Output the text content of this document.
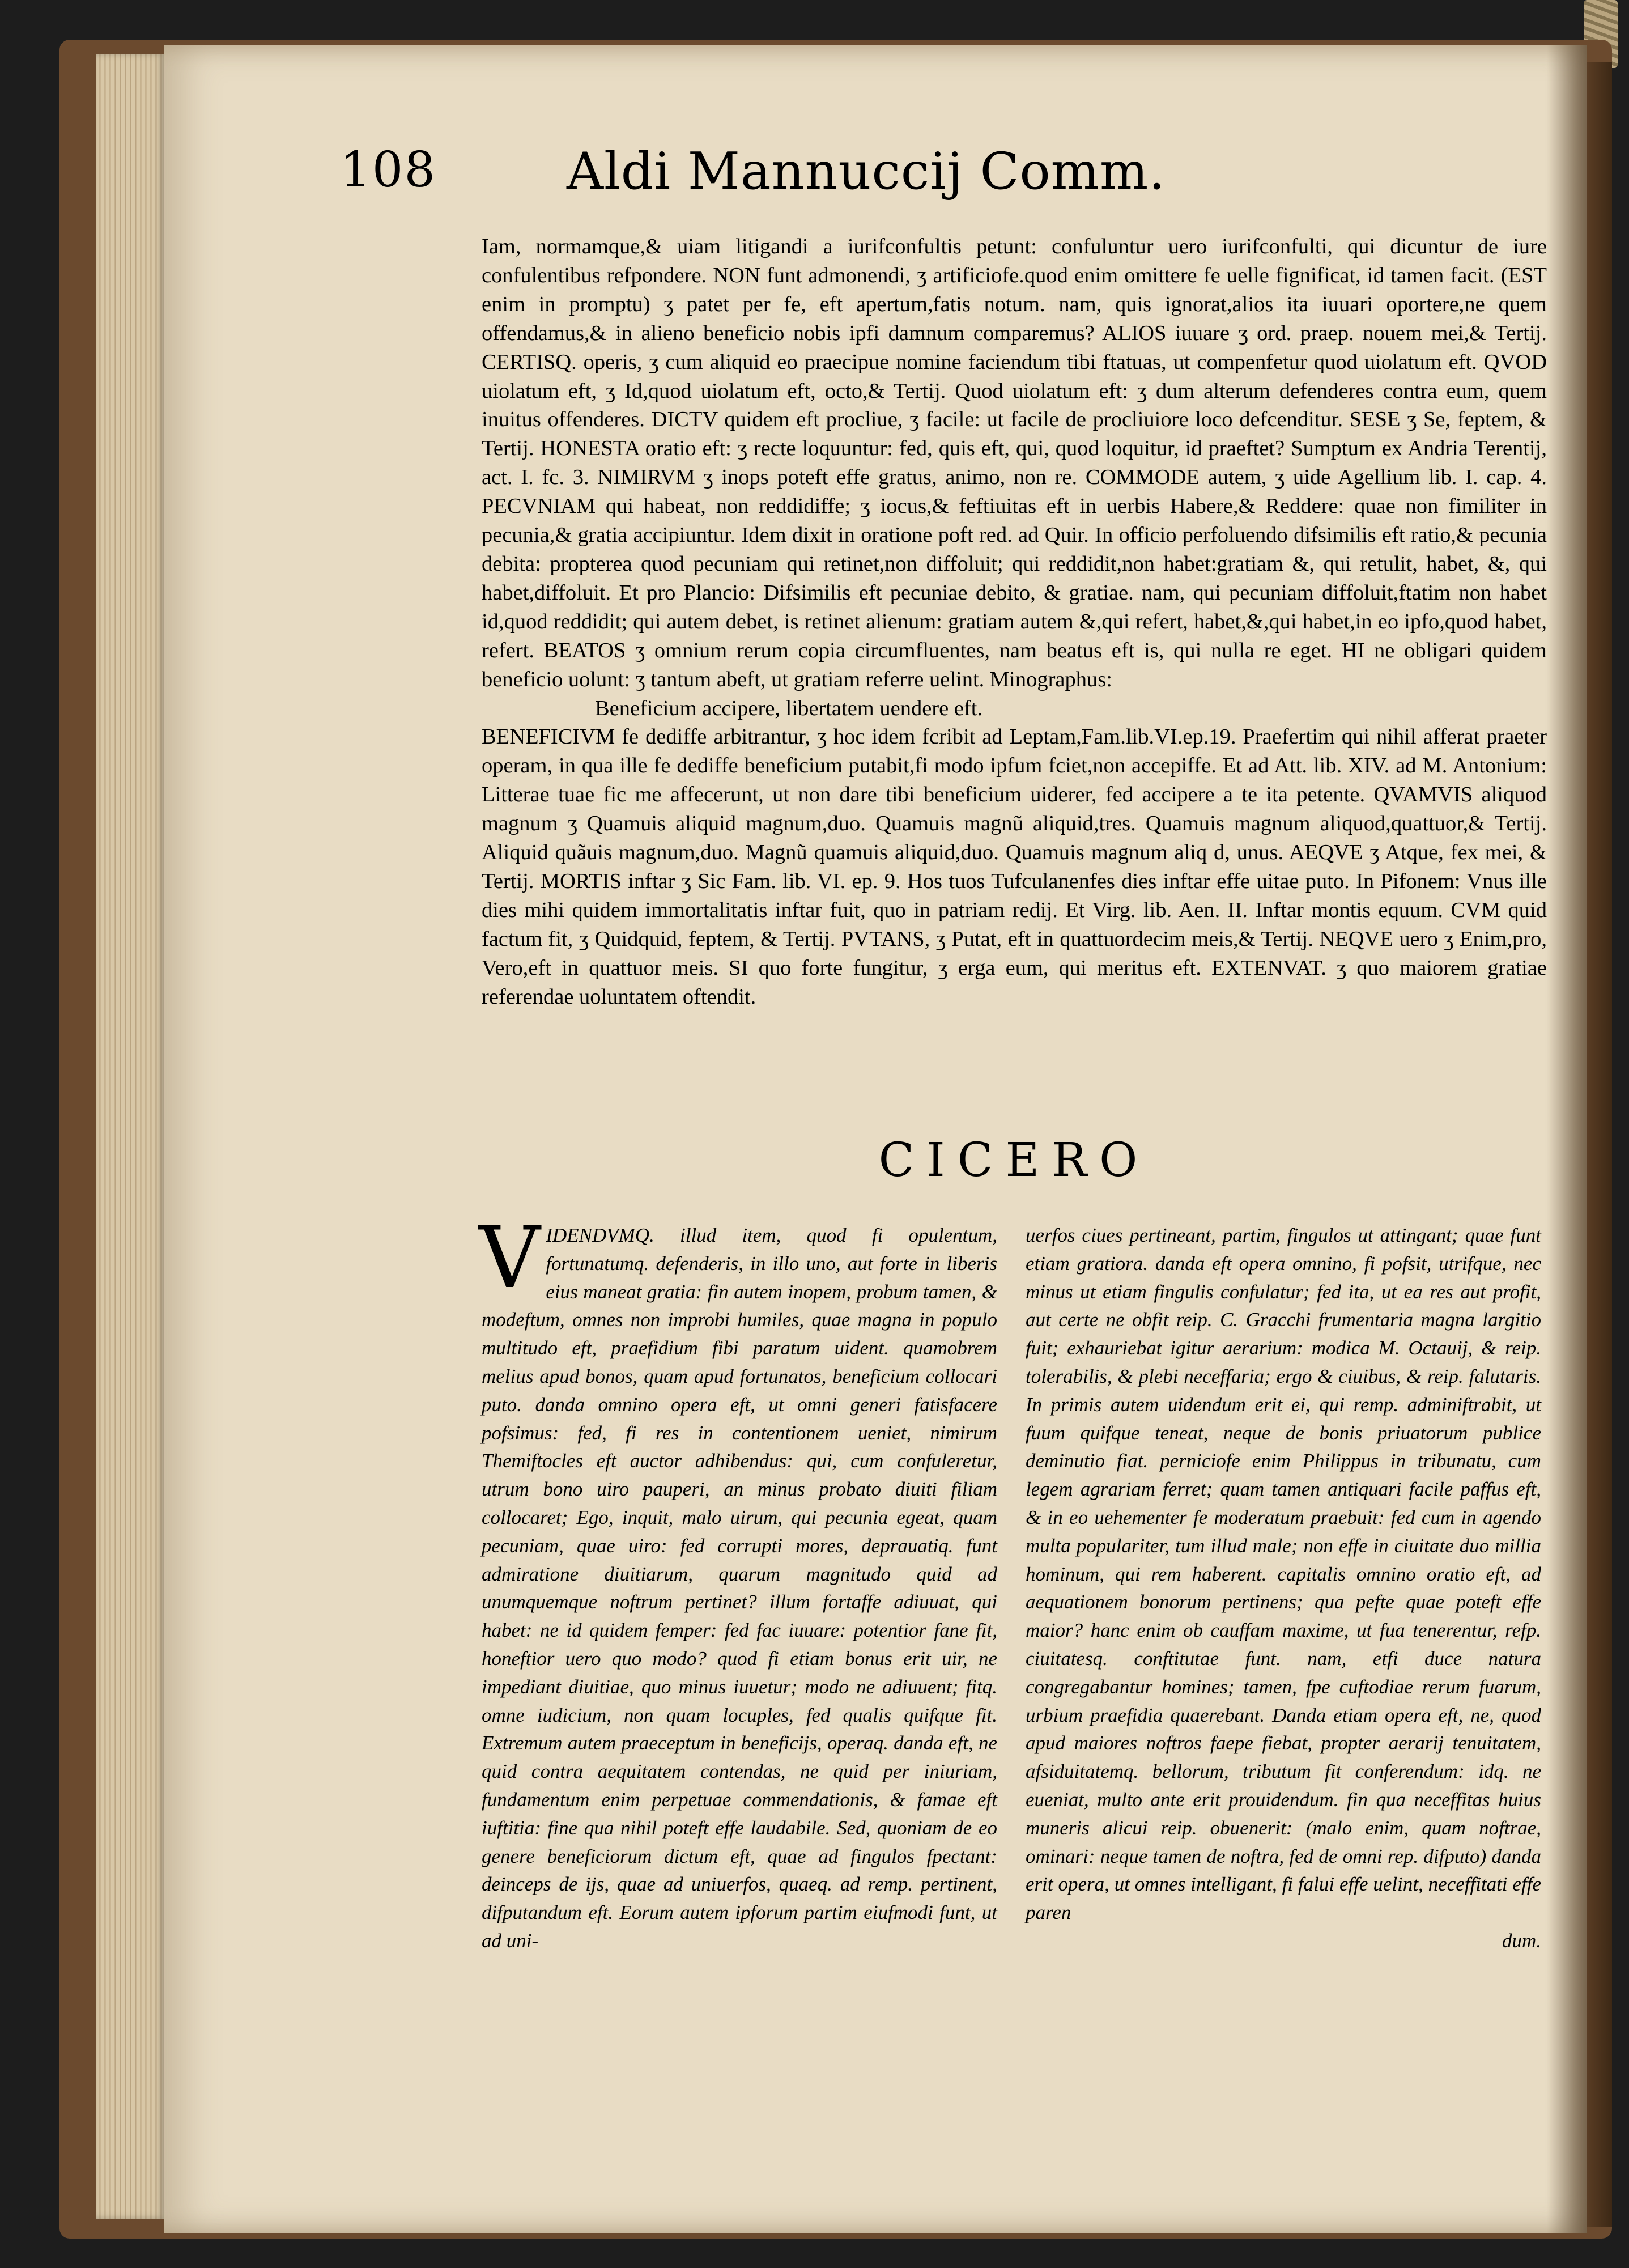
108	Aldi Mannuccij Comm.

Iam, normamque,& uiam litigandi a iurifconfultis petunt: confuluntur uero iurifconfulti, qui dicuntur de iure confulentibus refpondere. NON funt admonendi, ʒ artificiofe.quod enim omittere fe uelle fignificat, id tamen facit. (EST enim in promptu) ʒ patet per fe, eft apertum,fatis notum. nam, quis ignorat,alios ita iuuari oportere,ne quem offendamus,& in alieno beneficio nobis ipfi damnum comparemus? ALIOS iuuare ʒ ord. praep. nouem mei,& Tertij. CERTISQ. operis, ʒ cum aliquid eo praecipue nomine faciendum tibi ftatuas, ut compenfetur quod uiolatum eft. QVOD uiolatum eft, ʒ Id,quod uiolatum eft, octo,& Tertij. Quod uiolatum eft: ʒ dum alterum defenderes contra eum, quem inuitus offenderes. DICTV quidem eft procliue, ʒ facile: ut facile de procliuiore loco defcenditur. SESE ʒ Se, feptem, & Tertij. HONESTA oratio eft: ʒ recte loquuntur: fed, quis eft, qui, quod loquitur, id praeftet? Sumptum ex Andria Terentij, act. I. fc. 3. NIMIRVM ʒ inops poteft effe gratus, animo, non re. COMMODE autem, ʒ uide Agellium lib. I. cap. 4. PECVNIAM qui habeat, non reddidiffe; ʒ iocus,& feftiuitas eft in uerbis Habere,& Reddere: quae non fimiliter in pecunia,& gratia accipiuntur. Idem dixit in oratione poft red. ad Quir. In officio perfoluendo difsimilis eft ratio,& pecunia debita: propterea quod pecuniam qui retinet,non diffoluit; qui reddidit,non habet:gratiam &, qui retulit, habet, &, qui habet,diffoluit. Et pro Plancio: Difsimilis eft pecuniae debito, & gratiae. nam, qui pecuniam diffoluit,ftatim non habet id,quod reddidit; qui autem debet, is retinet alienum: gratiam autem &,qui refert, habet,&,qui habet,in eo ipfo,quod habet, refert. BEATOS ʒ omnium rerum copia circumfluentes, nam beatus eft is, qui nulla re eget. HI ne obligari quidem beneficio uolunt: ʒ tantum abeft, ut gratiam referre uelint. Minographus:

Beneficium accipere, libertatem uendere eft.

BENEFICIVM fe dediffe arbitrantur, ʒ hoc idem fcribit ad Leptam,Fam.lib.VI.ep.19. Praefertim qui nihil afferat praeter operam, in qua ille fe dediffe beneficium putabit,fi modo ipfum fciet,non accepiffe. Et ad Att. lib. XIV. ad M. Antonium: Litterae tuae fic me affecerunt, ut non dare tibi beneficium uiderer, fed accipere a te ita petente. QVAMVIS aliquod magnum ʒ Quamuis aliquid magnum,duo. Quamuis magnũ aliquid,tres. Quamuis magnum aliquod,quattuor,& Tertij. Aliquid quãuis magnum,duo. Magnũ quamuis aliquid,duo. Quamuis magnum aliq d, unus. AEQVE ʒ Atque, fex mei, & Tertij. MORTIS inftar ʒ Sic Fam. lib. VI. ep. 9. Hos tuos Tufculanenfes dies inftar effe uitae puto. In Pifonem: Vnus ille dies mihi quidem immortalitatis inftar fuit, quo in patriam redij. Et Virg. lib. Aen. II. Inftar montis equum. CVM quid factum fit, ʒ Quidquid, feptem, & Tertij. PVTANS, ʒ Putat, eft in quattuordecim meis,& Tertij. NEQVE uero ʒ Enim,pro, Vero,eft in quattuor meis. SI quo forte fungitur, ʒ erga eum, qui meritus eft. EXTENVAT. ʒ quo maiorem gratiae referendae uoluntatem oftendit.

CICERO
V IDENDVMQ. illud item, quod fi opulentum, fortunatumq. defenderis, in illo uno, aut forte in liberis eius maneat gratia: fin autem inopem, probum tamen, & modeftum, omnes non improbi humiles, quae magna in populo multitudo eft, praefidium fibi paratum uident. quamobrem melius apud bonos, quam apud fortunatos, beneficium collocari puto. danda omnino opera eft, ut omni generi fatisfacere pofsimus: fed, fi res in contentionem ueniet, nimirum Themiftocles eft auctor adhibendus: qui, cum confuleretur, utrum bono uiro pauperi, an minus probato diuiti filiam collocaret; Ego, inquit, malo uirum, qui pecunia egeat, quam pecuniam, quae uiro: fed corrupti mores, deprauatiq. funt admiratione diuitiarum, quarum magnitudo quid ad unumquemque noftrum pertinet? illum fortaffe adiuuat, qui habet: ne id quidem femper: fed fac iuuare: potentior fane fit, honeftior uero quo modo? quod fi etiam bonus erit uir, ne impediant diuitiae, quo minus iuuetur; modo ne adiuuent; fitq. omne iudicium, non quam locuples, fed qualis quifque fit. Extremum autem praeceptum in beneficijs, operaq. danda eft, ne quid contra aequitatem contendas, ne quid per iniuriam, fundamentum enim perpetuae commendationis, & famae eft iuftitia: fine qua nihil poteft effe laudabile. Sed, quoniam de eo genere beneficiorum dictum eft, quae ad fingulos fpectant: deinceps de ijs, quae ad uniuerfos, quaeq. ad remp. pertinent, difputandum eft. Eorum autem ipforum partim eiufmodi funt, ut ad uni-
uerfos ciues pertineant, partim, fingulos ut attingant; quae funt etiam gratiora. danda eft opera omnino, fi pofsit, utrifque, nec minus ut etiam fingulis confulatur; fed ita, ut ea res aut profit, aut certe ne obfit reip. C. Gracchi frumentaria magna largitio fuit; exhauriebat igitur aerarium: modica M. Octauij, & reip. tolerabilis, & plebi neceffaria; ergo & ciuibus, & reip. falutaris. In primis autem uidendum erit ei, qui remp. adminiftrabit, ut fuum quifque teneat, neque de bonis priuatorum publice deminutio fiat. perniciofe enim Philippus in tribunatu, cum legem agrariam ferret; quam tamen antiquari facile paffus eft, & in eo uehementer fe moderatum praebuit: fed cum in agendo multa populariter, tum illud male; non effe in ciuitate duo millia hominum, qui rem haberent. capitalis omnino oratio eft, ad aequationem bonorum pertinens; qua pefte quae poteft effe maior? hanc enim ob cauffam maxime, ut fua tenerentur, refp. ciuitatesq. conftitutae funt. nam, etfi duce natura congregabantur homines; tamen, fpe cuftodiae rerum fuarum, urbium praefidia quaerebant. Danda etiam opera eft, ne, quod apud maiores noftros faepe fiebat, propter aerarij tenuitatem, afsiduitatemq. bellorum, tributum fit conferendum: idq. ne eueniat, multo ante erit prouidendum. fin qua neceffitas huius muneris alicui reip. obuenerit: (malo enim, quam noftrae, ominari: neque tamen de noftra, fed de omni rep. difputo) danda erit opera, ut omnes intelligant, fi falui effe uelint, neceffitati effe paren
dum.
